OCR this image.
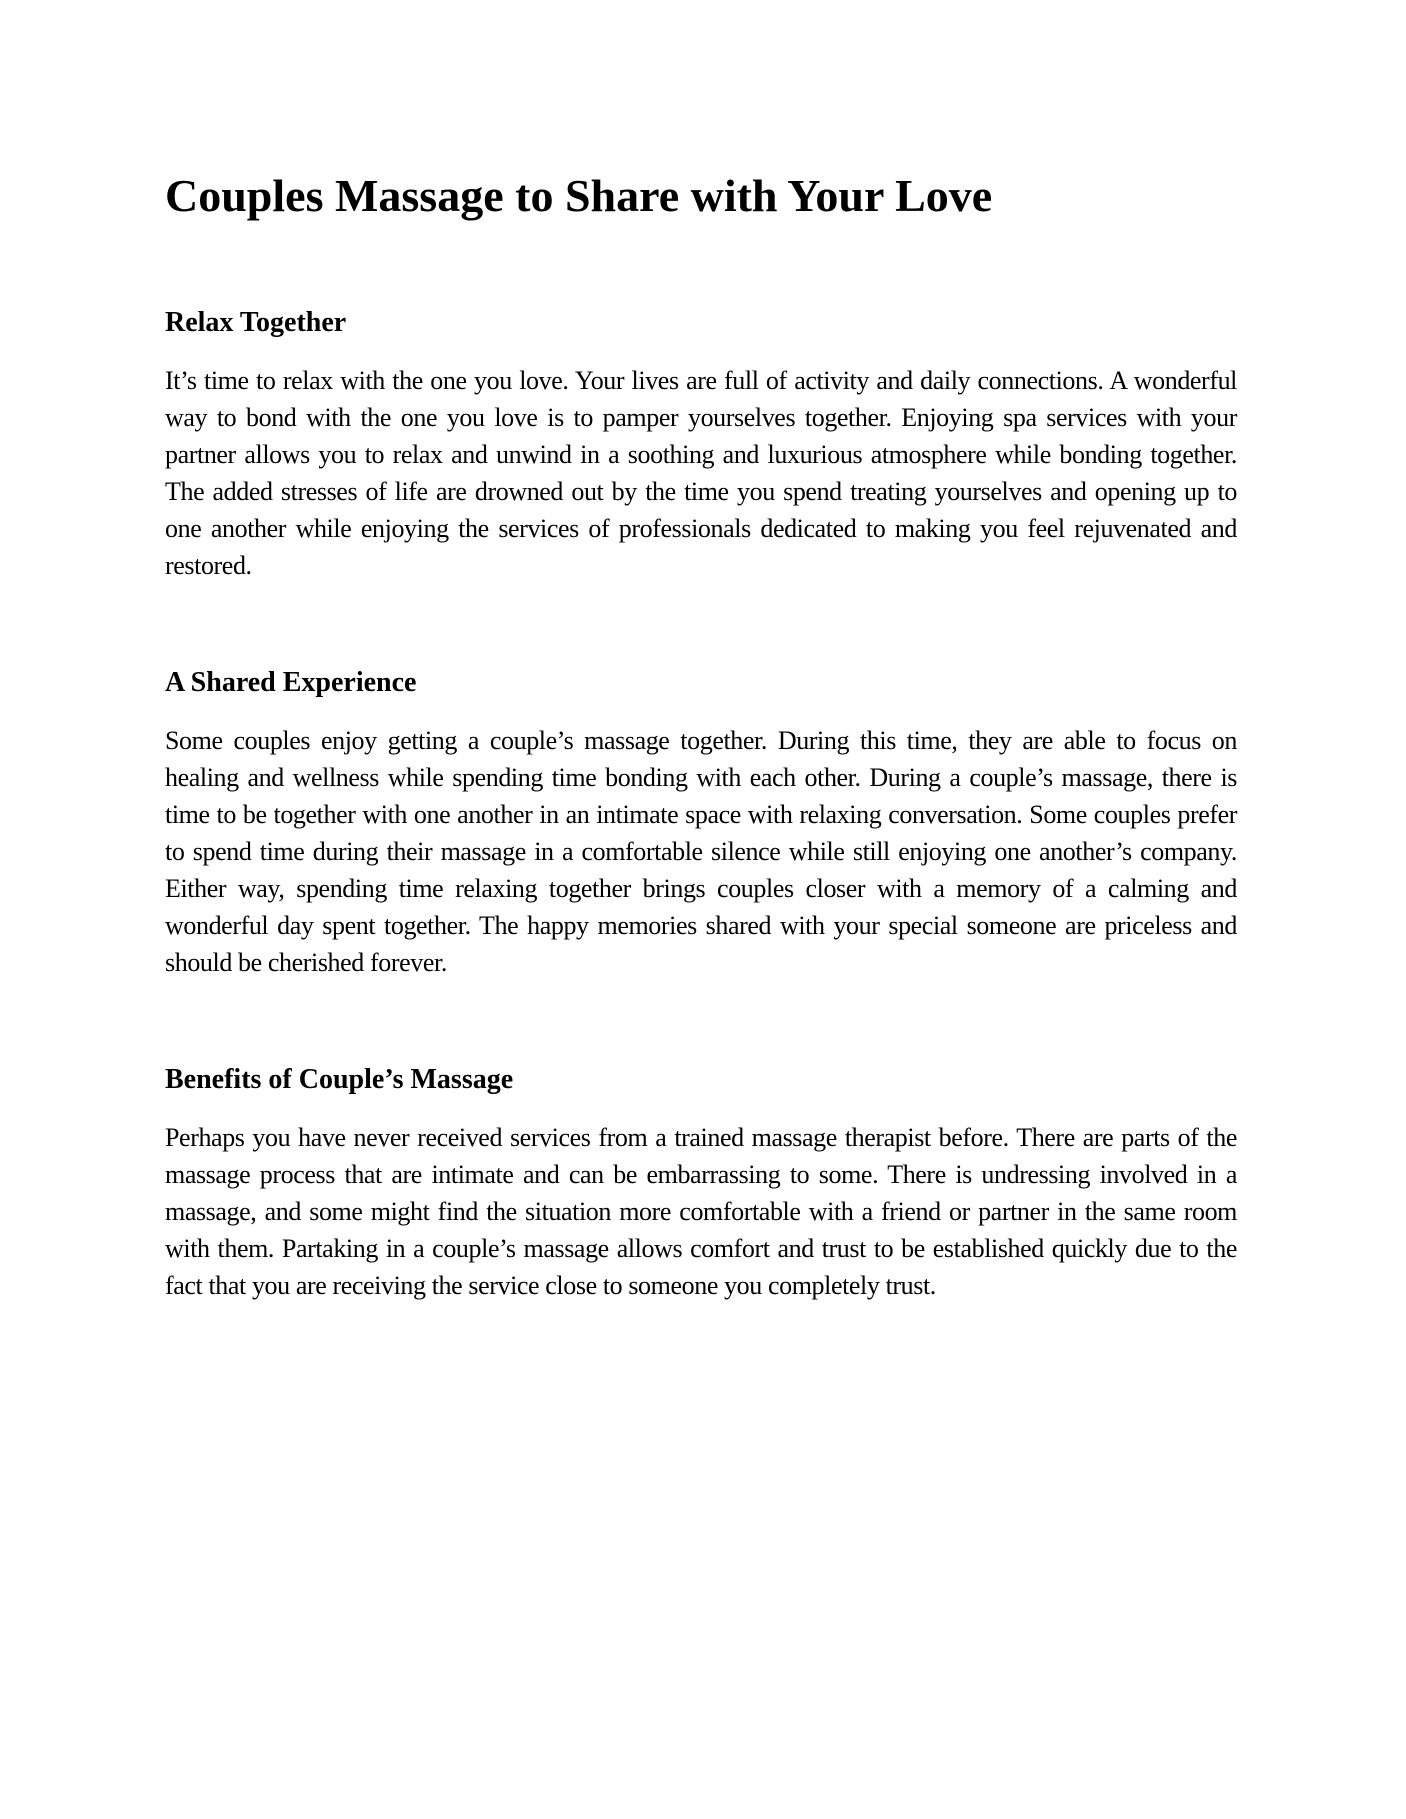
Couples Massage to Share with Your Love
Relax Together

It’s time to relax with the one you love. Your lives are full of activity and daily connections. A wonderful way to bond with the one you love is to pamper yourselves together. Enjoying spa services with your partner allows you to relax and unwind in a soothing and luxurious atmosphere while bonding together. The added stresses of life are drowned out by the time you spend treating yourselves and opening up to one another while enjoying the services of professionals dedicated to making you feel rejuvenated and restored.

A Shared Experience

Some couples enjoy getting a couple’s massage together. During this time, they are able to focus on healing and wellness while spending time bonding with each other. During a couple’s massage, there is time to be together with one another in an intimate space with relaxing conversation. Some couples prefer to spend time during their massage in a comfortable silence while still enjoying one another’s company. Either way, spending time relaxing together brings couples closer with a memory of a calming and wonderful day spent together. The happy memories shared with your special someone are priceless and should be cherished forever.

Benefits of Couple’s Massage

Perhaps you have never received services from a trained massage therapist before. There are parts of the massage process that are intimate and can be embarrassing to some. There is undressing involved in a massage, and some might find the situation more comfortable with a friend or partner in the same room with them. Partaking in a couple’s massage allows comfort and trust to be established quickly due to the fact that you are receiving the service close to someone you completely trust.
